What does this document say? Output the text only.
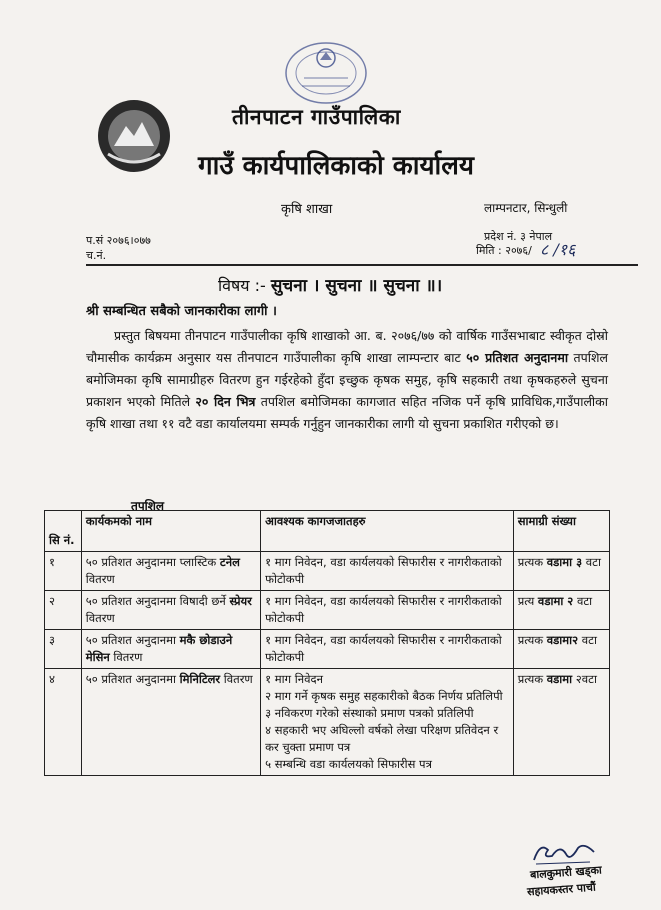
तीनपाटन गाउँपालिका
गाउँ कार्यपालिकाको कार्यालय
कृषि शाखा	लाम्पनटार, सिन्धुली
प्रदेश नं. ३ नेपाल
मिति : २०७६/ ८ /१६
प.सं २०७६।०७७
च.नं.
विषय :- सुचना । सुचना ॥ सुचना ॥।
श्री सम्बन्धित सबैको जानकारीका लागी ।
प्रस्तुत बिषयमा तीनपाटन गाउँपालीका कृषि शाखाको आ. ब. २०७६/७७ को वार्षिक गाउँसभाबाट स्वीकृत दोस्रो चौमासीक कार्यक्रम अनुसार यस तीनपाटन गाउँपालीका कृषि शाखा लाम्पन्टार बाट ५० प्रतिशत अनुदानमा तपशिल बमोजिमका कृषि सामाग्रीहरु वितरण हुन गईरहेको हुँदा इच्छुक कृषक समुह, कृषि सहकारी तथा कृषकहरुले सुचना प्रकाशन भएको मितिले २० दिन भित्र तपशिल बमोजिमका कागजात सहित नजिक पर्ने कृषि प्राविधिक,गाउँपालीका कृषि शाखा तथा ११ वटै वडा कार्यालयमा सम्पर्क गर्नुहुन जानकारीका लागी यो सुचना प्रकाशित गरीएको छ।
तपशिल
सि नं.	कार्यकमको नाम	आवश्यक कागजजातहरु	सामाग्री संख्या
१	५० प्रतिशत अनुदानमा प्लास्टिक टनेल वितरण	१ माग निवेदन, वडा कार्यलयको सिफारीस र नागरीकताको फोटोकपी	प्रत्यक वडामा ३ वटा
२	५० प्रतिशत अनुदानमा विषादी छर्ने स्प्रेयर वितरण	१ माग निवेदन, वडा कार्यलयको सिफारीस र नागरीकताको फोटोकपी	प्रत्य वडामा २ वटा
३	५० प्रतिशत अनुदानमा मकै छोडाउने मेसिन वितरण	१ माग निवेदन, वडा कार्यलयको सिफारीस र नागरीकताको फोटोकपी	प्रत्यक वडामा२ वटा
४	५० प्रतिशत अनुदानमा मिनिटिलर वितरण	१ माग निवेदन
२ माग गर्ने कृषक समुह सहकारीको बैठक निर्णय प्रतिलिपी
३ नविकरण गरेको संस्थाको प्रमाण पत्रको प्रतिलिपी
४ सहकारी भए अघिल्लो वर्षको लेखा परिक्षण प्रतिवेदन र कर चुक्ता प्रमाण पत्र
५ सम्बन्धि वडा कार्यलयको सिफारीस पत्र	प्रत्यक वडामा २वटा
बालकुमारी खड्का
सहायकस्तर पाचौं
